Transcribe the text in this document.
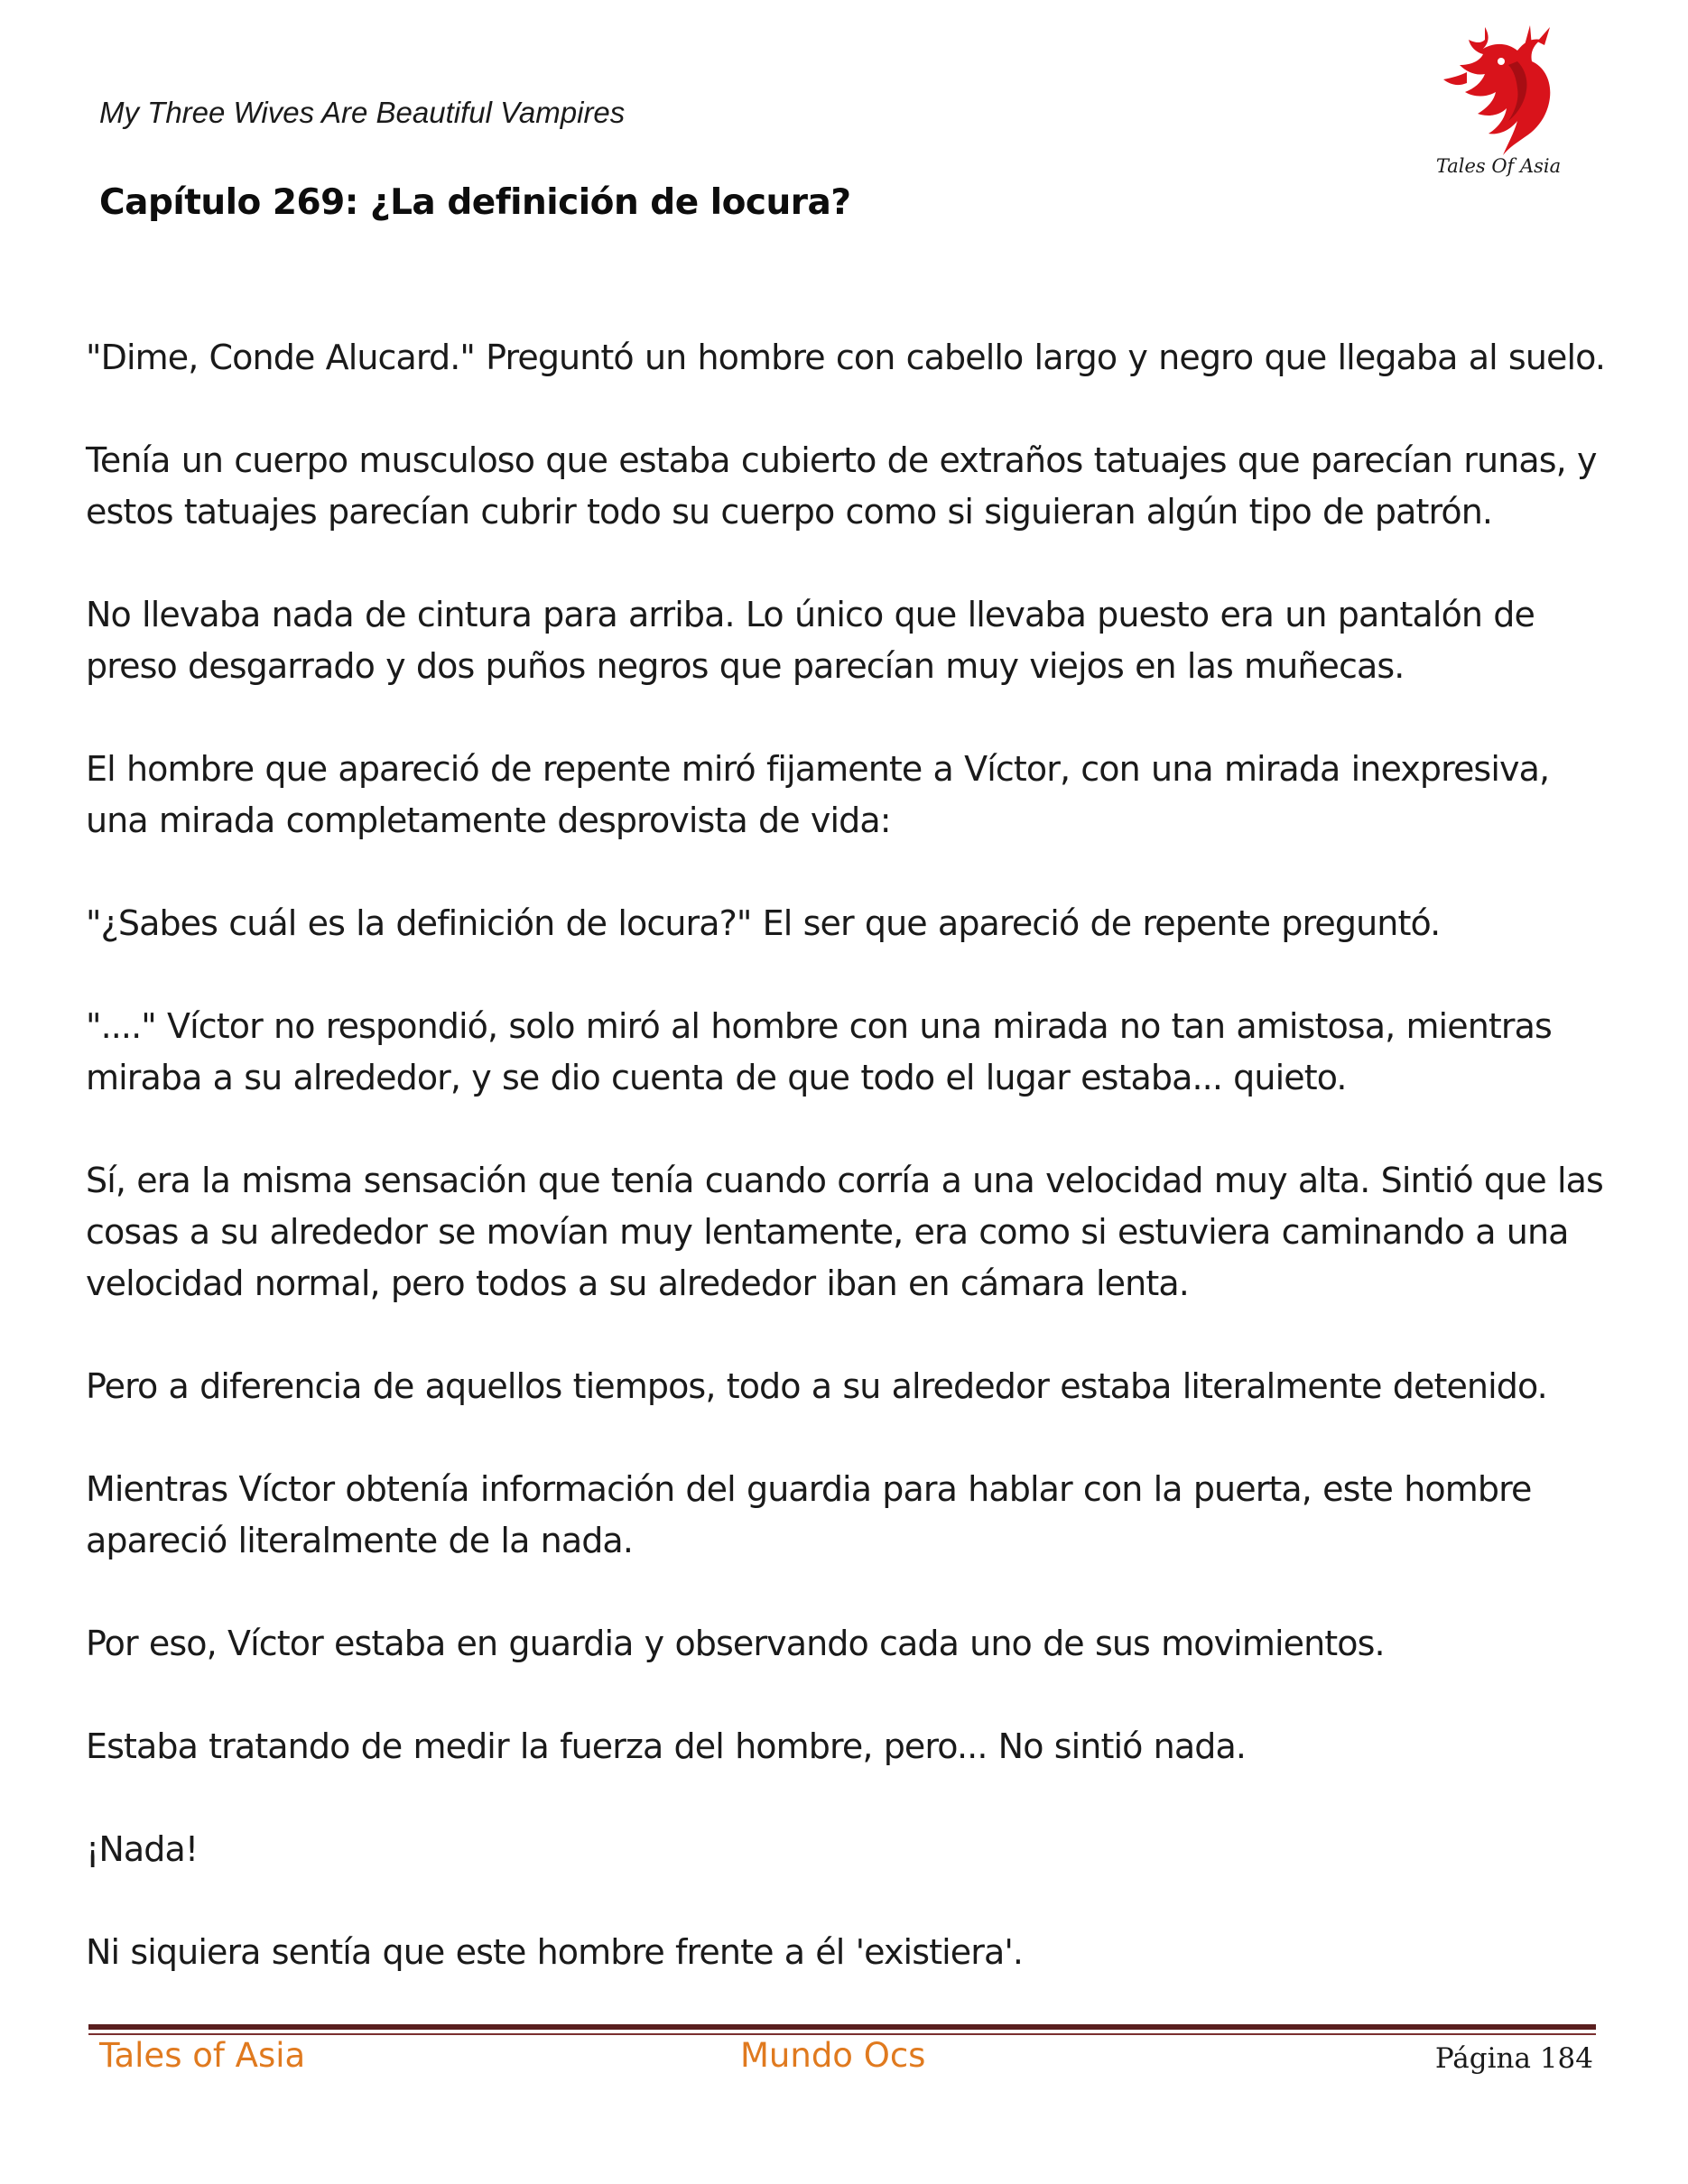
My Three Wives Are Beautiful Vampires
Capítulo 269: ¿La definición de locura?
Tales Of Asia

"Dime, Conde Alucard." Preguntó un hombre con cabello largo y negro que llegaba al suelo.

Tenía un cuerpo musculoso que estaba cubierto de extraños tatuajes que parecían runas, y estos tatuajes parecían cubrir todo su cuerpo como si siguieran algún tipo de patrón.

No llevaba nada de cintura para arriba. Lo único que llevaba puesto era un pantalón de preso desgarrado y dos puños negros que parecían muy viejos en las muñecas.

El hombre que apareció de repente miró fijamente a Víctor, con una mirada inexpresiva, una mirada completamente desprovista de vida:

"¿Sabes cuál es la definición de locura?" El ser que apareció de repente preguntó.

"...." Víctor no respondió, solo miró al hombre con una mirada no tan amistosa, mientras miraba a su alrededor, y se dio cuenta de que todo el lugar estaba... quieto.

Sí, era la misma sensación que tenía cuando corría a una velocidad muy alta. Sintió que las cosas a su alrededor se movían muy lentamente, era como si estuviera caminando a una velocidad normal, pero todos a su alrededor iban en cámara lenta.

Pero a diferencia de aquellos tiempos, todo a su alrededor estaba literalmente detenido.

Mientras Víctor obtenía información del guardia para hablar con la puerta, este hombre apareció literalmente de la nada.

Por eso, Víctor estaba en guardia y observando cada uno de sus movimientos.

Estaba tratando de medir la fuerza del hombre, pero... No sintió nada.

¡Nada!

Ni siquiera sentía que este hombre frente a él 'existiera'.

Tales of Asia	Mundo Ocs	Página 184
